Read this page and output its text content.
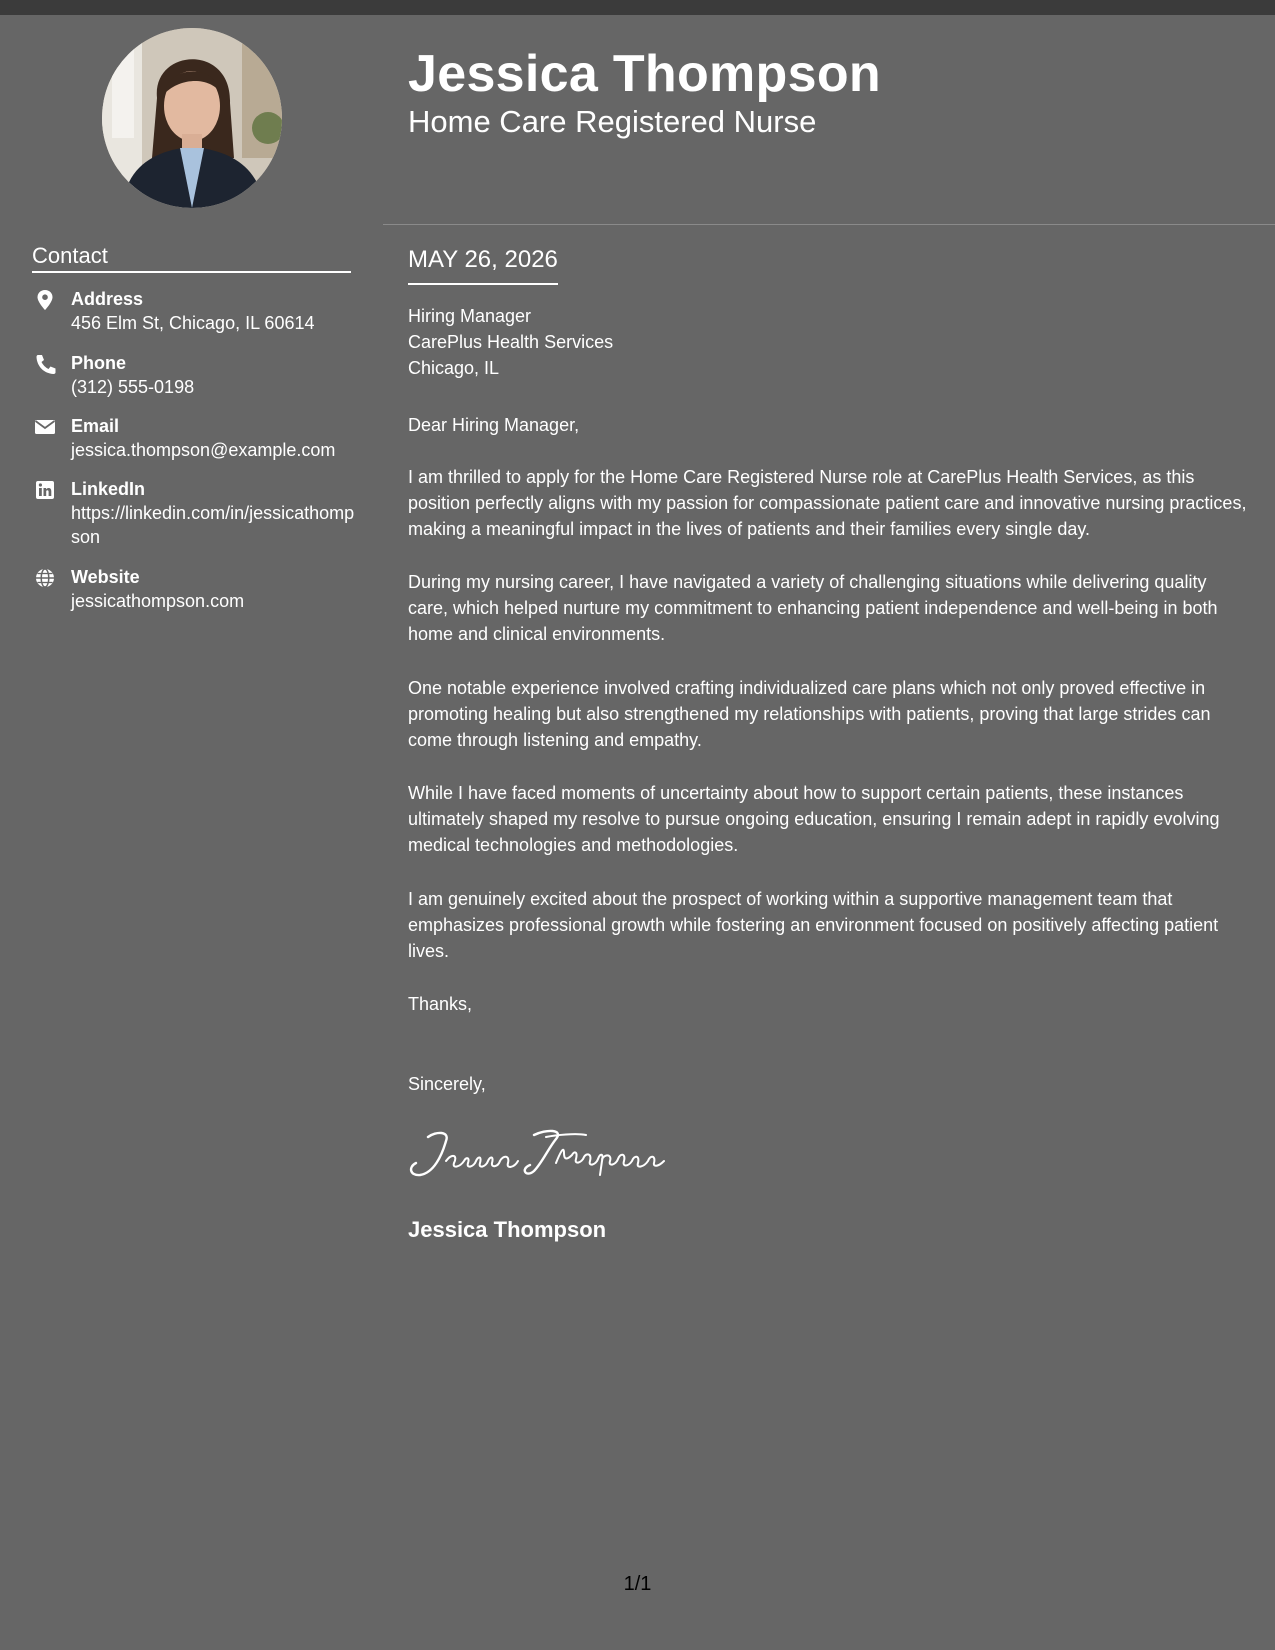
Contact
Address
456 Elm St, Chicago, IL 60614
Phone
(312) 555-0198
Email
jessica.thompson@example.com
LinkedIn
https://linkedin.com/in/jessicathompson
Website
jessicathompson.com
Jessica Thompson
Home Care Registered Nurse
MAY 26, 2026
Hiring Manager
CarePlus Health Services
Chicago, IL
Dear Hiring Manager,

I am thrilled to apply for the Home Care Registered Nurse role at CarePlus Health Services, as this position perfectly aligns with my passion for compassionate patient care and innovative nursing practices, making a meaningful impact in the lives of patients and their families every single day.

During my nursing career, I have navigated a variety of challenging situations while delivering quality care, which helped nurture my commitment to enhancing patient independence and well-being in both home and clinical environments.

One notable experience involved crafting individualized care plans which not only proved effective in promoting healing but also strengthened my relationships with patients, proving that large strides can come through listening and empathy.

While I have faced moments of uncertainty about how to support certain patients, these instances ultimately shaped my resolve to pursue ongoing education, ensuring I remain adept in rapidly evolving medical technologies and methodologies.

I am genuinely excited about the prospect of working within a supportive management team that emphasizes professional growth while fostering an environment focused on positively affecting patient lives.

Thanks,
Sincerely,
Jessica Thompson
1/1
